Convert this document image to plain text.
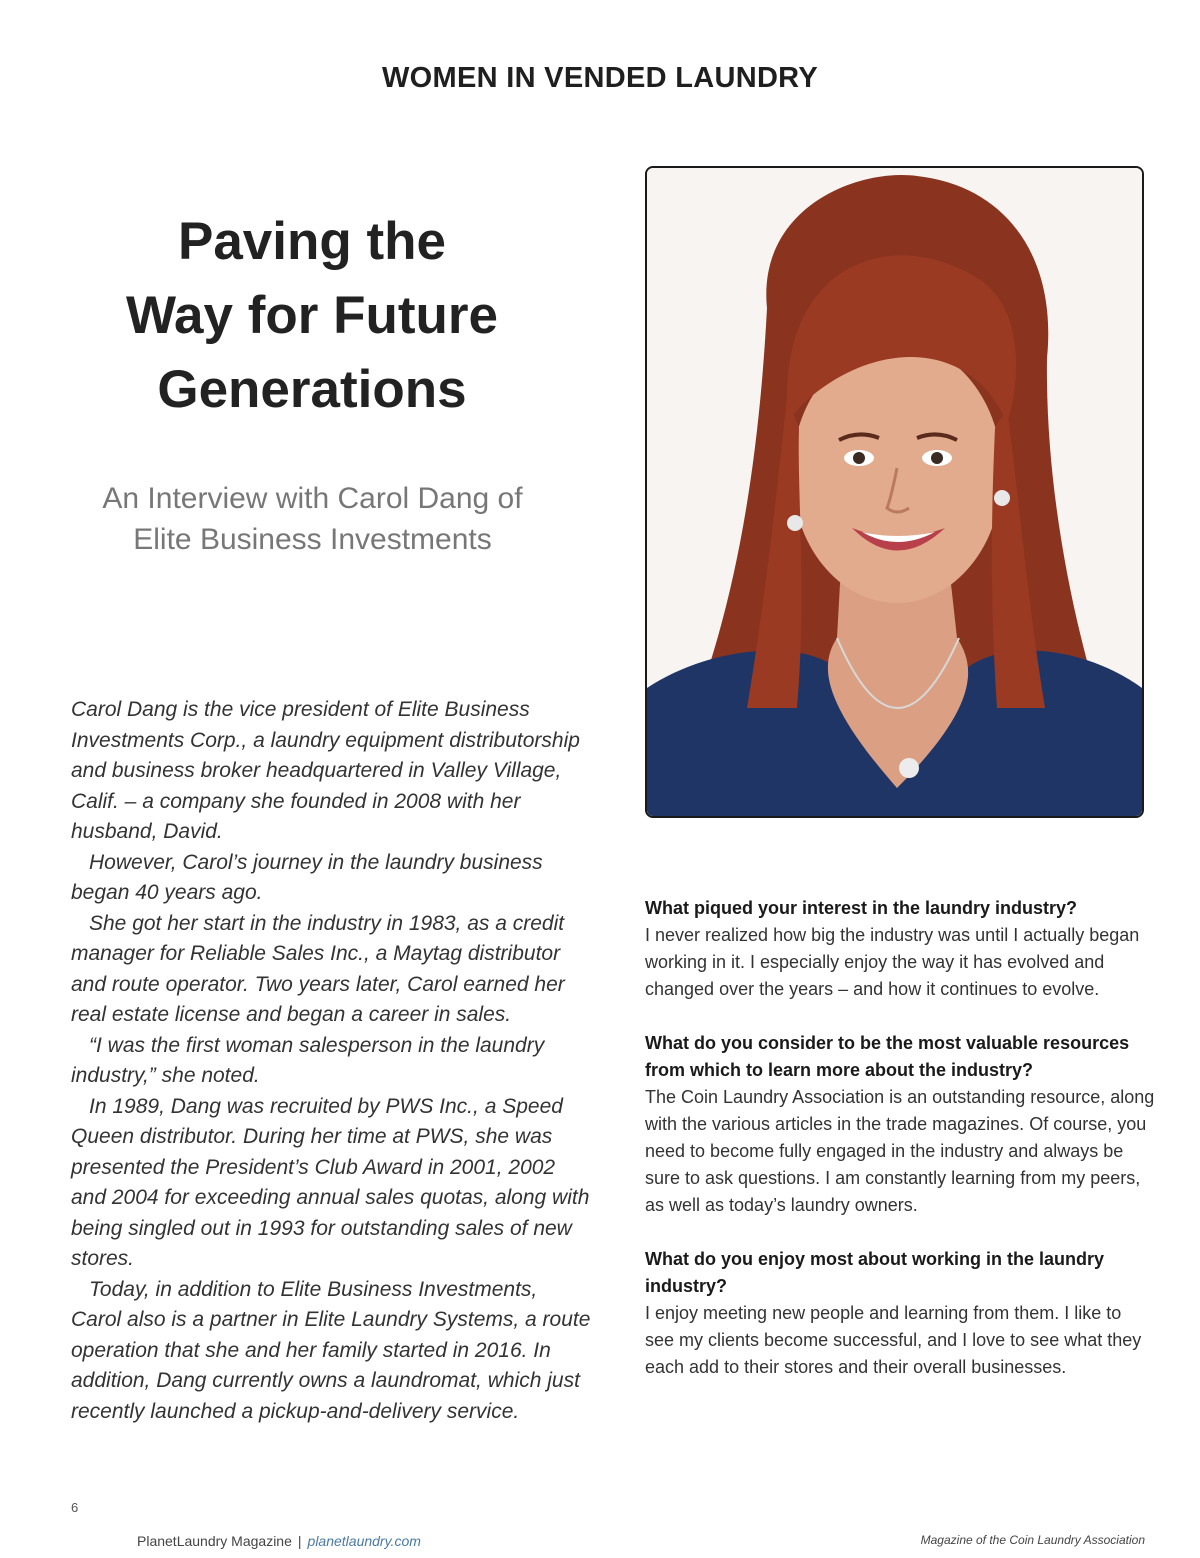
WOMEN IN VENDED LAUNDRY
Paving the
Way for Future
Generations
An Interview with Carol Dang of
Elite Business Investments

Carol Dang is the vice president of Elite Business Investments Corp., a laundry equipment distributorship and business broker headquartered in Valley Village, Calif. – a company she founded in 2008 with her husband, David.

However, Carol’s journey in the laundry business began 40 years ago.

She got her start in the industry in 1983, as a credit manager for Reliable Sales Inc., a Maytag distributor and route operator. Two years later, Carol earned her real estate license and began a career in sales.

“I was the first woman salesperson in the laundry industry,” she noted.

In 1989, Dang was recruited by PWS Inc., a Speed Queen distributor. During her time at PWS, she was presented the President’s Club Award in 2001, 2002 and 2004 for exceeding annual sales quotas, along with being singled out in 1993 for outstanding sales of new stores.

Today, in addition to Elite Business Investments, Carol also is a partner in Elite Laundry Systems, a route operation that she and her family started in 2016. In addition, Dang currently owns a laundromat, which just recently launched a pickup-and-delivery service.

What piqued your interest in the laundry industry?
I never realized how big the industry was until I actually began working in it. I especially enjoy the way it has evolved and changed over the years – and how it continues to evolve.
What do you consider to be the most valuable resources from which to learn more about the industry?
The Coin Laundry Association is an outstanding resource, along with the various articles in the trade magazines. Of course, you need to become fully engaged in the industry and always be sure to ask questions. I am constantly learning from my peers, as well as today’s laundry owners.
What do you enjoy most about working in the laundry industry?
I enjoy meeting new people and learning from them. I like to see my clients become successful, and I love to see what they each add to their stores and their overall businesses.
6
PlanetLaundry Magazine | planetlaundry.com	Magazine of the Coin Laundry Association
